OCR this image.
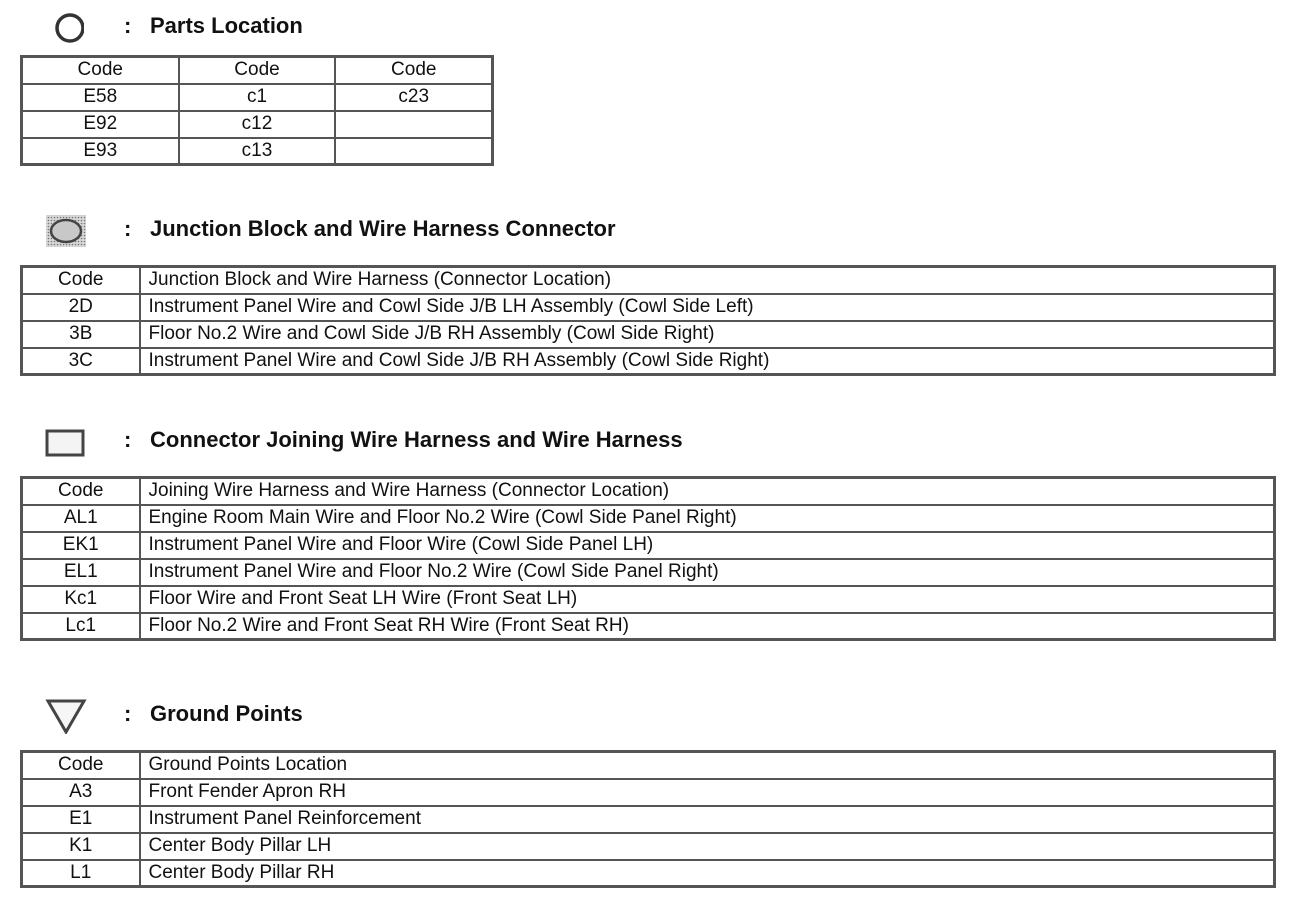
: Parts Location
Code	Code	Code
E58	c1	c23
E92	c12	
E93	c13	
: Junction Block and Wire Harness Connector
Code	Junction Block and Wire Harness (Connector Location)
2D	Instrument Panel Wire and Cowl Side J/B LH Assembly (Cowl Side Left)
3B	Floor No.2 Wire and Cowl Side J/B RH Assembly (Cowl Side Right)
3C	Instrument Panel Wire and Cowl Side J/B RH Assembly (Cowl Side Right)
: Connector Joining Wire Harness and Wire Harness
Code	Joining Wire Harness and Wire Harness (Connector Location)
AL1	Engine Room Main Wire and Floor No.2 Wire (Cowl Side Panel Right)
EK1	Instrument Panel Wire and Floor Wire (Cowl Side Panel LH)
EL1	Instrument Panel Wire and Floor No.2 Wire (Cowl Side Panel Right)
Kc1	Floor Wire and Front Seat LH Wire (Front Seat LH)
Lc1	Floor No.2 Wire and Front Seat RH Wire (Front Seat RH)
: Ground Points
Code	Ground Points Location
A3	Front Fender Apron RH
E1	Instrument Panel Reinforcement
K1	Center Body Pillar LH
L1	Center Body Pillar RH
